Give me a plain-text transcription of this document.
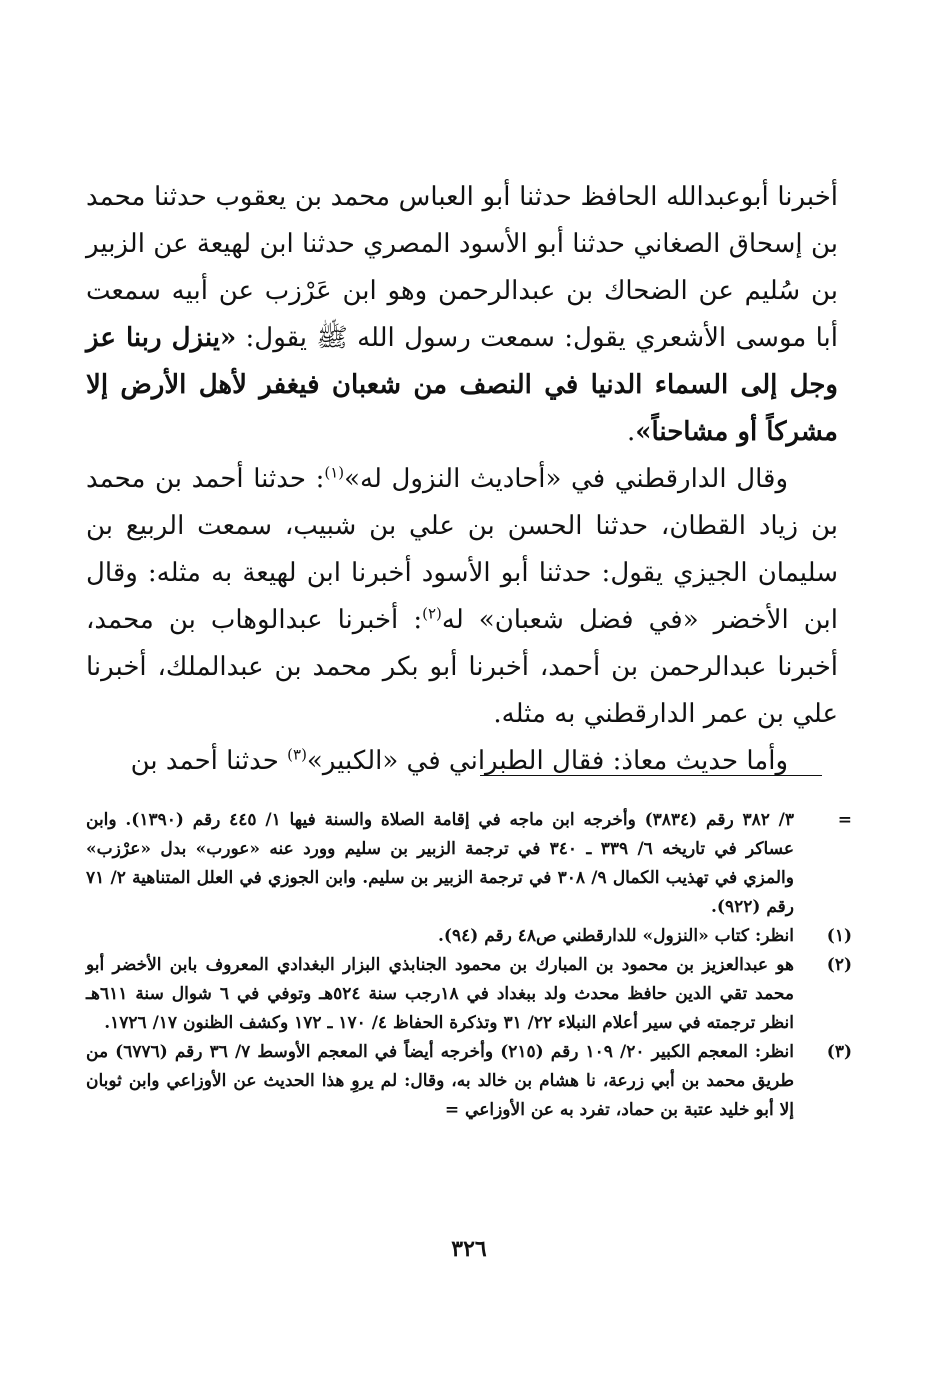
أخبرنا أبوعبدالله الحافظ حدثنا أبو العباس محمد بن يعقوب حدثنا محمد بن إسحاق الصغاني حدثنا أبو الأسود المصري حدثنا ابن لهيعة عن الزبير بن سُليم عن الضحاك بن عبدالرحمن وهو ابن عَرْزب عن أبيه سمعت أبا موسى الأشعري يقول: سمعت رسول الله ﷺ يقول: «ينزل ربنا عز وجل إلى السماء الدنيا في النصف من شعبان فيغفر لأهل الأرض إلا مشركاً أو مشاحناً».

وقال الدارقطني في «أحاديث النزول له»$^{(١)}$: حدثنا أحمد بن محمد بن زياد القطان، حدثنا الحسن بن علي بن شبيب، سمعت الربيع بن سليمان الجيزي يقول: حدثنا أبو الأسود أخبرنا ابن لهيعة به مثله: وقال ابن الأخضر «في فضل شعبان» له$^{(٢)}$: أخبرنا عبدالوهاب بن محمد، أخبرنا عبدالرحمن بن أحمد، أخبرنا أبو بكر محمد بن عبدالملك، أخبرنا علي بن عمر الدارقطني به مثله.

وأما حديث معاذ: فقال الطبراني في «الكبير»$^{(٣)}$ حدثنا أحمد بن

=
٣/ ٣٨٢ رقم (٣٨٣٤) وأخرجه ابن ماجه في إقامة الصلاة والسنة فيها ١/ ٤٤٥ رقم (١٣٩٠). وابن عساكر في تاريخه ٦/ ٣٣٩ ـ ٣٤٠ في ترجمة الزبير بن سليم وورد عنه «عورب» بدل «عرْزب» والمزي في تهذيب الكمال ٩/ ٣٠٨ في ترجمة الزبير بن سليم. وابن الجوزي في العلل المتناهية ٢/ ٧١ رقم (٩٢٢).
(١)
انظر: كتاب «النزول» للدارقطني ص٤٨ رقم (٩٤).
(٢)
هو عبدالعزيز بن محمود بن المبارك بن محمود الجنابذي البزار البغدادي المعروف بابن الأخضر أبو محمد تقي الدين حافظ محدث ولد ببغداد في ١٨رجب سنة ٥٢٤هـ وتوفي في ٦ شوال سنة ٦١١هـ انظر ترجمته في سير أعلام النبلاء ٢٢/ ٣١ وتذكرة الحفاظ ٤/ ١٧٠ ـ ١٧٢ وكشف الظنون ١٧/ ١٧٢٦.
(٣)
انظر: المعجم الكبير ٢٠/ ١٠٩ رقم (٢١٥) وأخرجه أيضاً في المعجم الأوسط ٧/ ٣٦ رقم (٦٧٧٦) من طريق محمد بن أبي زرعة، نا هشام بن خالد به، وقال: لم يروِ هذا الحديث عن الأوزاعي وابن ثوبان إلا أبو خليد عتبة بن حماد، تفرد به عن الأوزاعي =
٣٢٦
